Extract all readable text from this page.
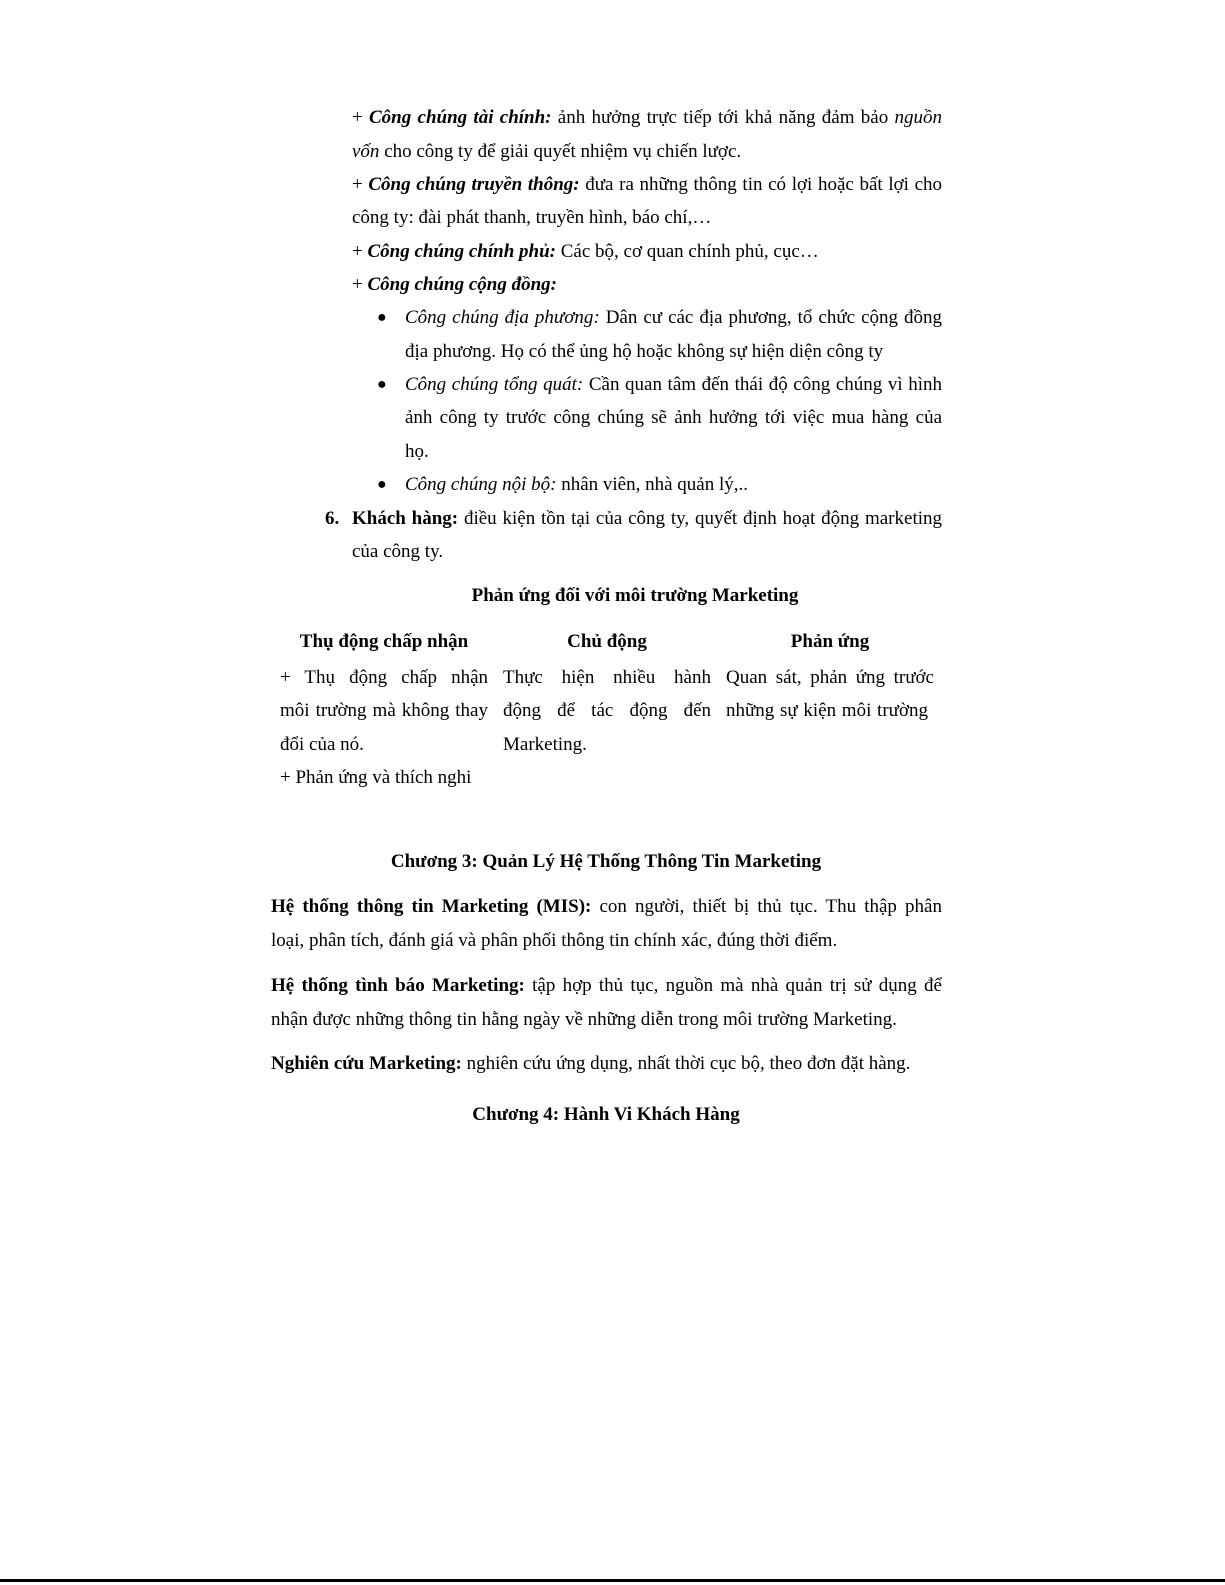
+ Công chúng tài chính: ảnh hưởng trực tiếp tới khả năng đảm bảo nguồn
vốn cho công ty để giải quyết nhiệm vụ chiến lược.
+ Công chúng truyền thông: đưa ra những thông tin có lợi hoặc bất lợi cho
công ty: đài phát thanh, truyền hình, báo chí,…
+ Công chúng chính phủ: Các bộ, cơ quan chính phủ, cục…
+ Công chúng cộng đồng:
● Công chúng địa phương: Dân cư các địa phương, tổ chức cộng đồng
địa phương. Họ có thể ủng hộ hoặc không sự hiện diện công ty
● Công chúng tổng quát: Cần quan tâm đến thái độ công chúng vì hình
ảnh công ty trước công chúng sẽ ảnh hưởng tới việc mua hàng của
họ.
● Công chúng nội bộ: nhân viên, nhà quản lý,..
6. Khách hàng: điều kiện tồn tại của công ty, quyết định hoạt động marketing
của công ty.
Phản ứng đối với môi trường Marketing
Thụ động chấp nhận	Chủ động	Phản ứng
+ Thụ động chấp nhận
môi trường mà không thay
đổi của nó.
+ Phản ứng và thích nghi
Thực hiện nhiều hành
động để tác động đến
Marketing.
Quan sát, phản ứng trước
những sự kiện môi trường
Chương 3: Quản Lý Hệ Thống Thông Tin Marketing
Hệ thống thông tin Marketing (MIS): con người, thiết bị thủ tục. Thu thập phân
loại, phân tích, đánh giá và phân phối thông tin chính xác, đúng thời điểm.
Hệ thống tình báo Marketing: tập hợp thủ tục, nguồn mà nhà quản trị sử dụng để
nhận được những thông tin hằng ngày về những diễn trong môi trường Marketing.
Nghiên cứu Marketing: nghiên cứu ứng dụng, nhất thời cục bộ, theo đơn đặt hàng.
Chương 4: Hành Vi Khách Hàng
